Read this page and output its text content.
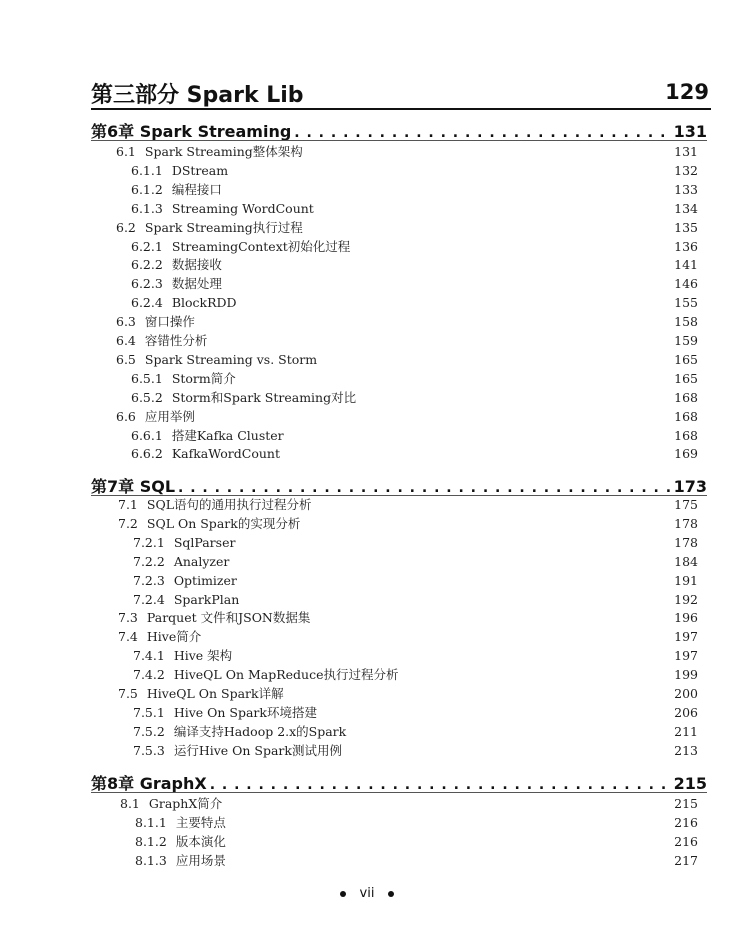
第三部分 Spark Lib	129
第6章 Spark Streaming . . .	131
6.1 Spark Streaming整体架构	131
6.1.1 DStream	132
6.1.2 编程接口	133
6.1.3 Streaming WordCount	134
6.2 Spark Streaming执行过程	135
6.2.1 StreamingContext初始化过程	136
6.2.2 数据接收	141
6.2.3 数据处理	146
6.2.4 BlockRDD	155
6.3 窗口操作	158
6.4 容错性分析	159
6.5 Spark Streaming vs. Storm	165
6.5.1 Storm简介	165
6.5.2 Storm和Spark Streaming对比	168
6.6 应用举例	168
6.6.1 搭建Kafka Cluster	168
6.6.2 KafkaWordCount	169
第7章 SQL . . .	173
7.1 SQL语句的通用执行过程分析	175
7.2 SQL On Spark的实现分析	178
7.2.1 SqlParser	178
7.2.2 Analyzer	184
7.2.3 Optimizer	191
7.2.4 SparkPlan	192
7.3 Parquet 文件和JSON数据集	196
7.4 Hive简介	197
7.4.1 Hive 架构	197
7.4.2 HiveQL On MapReduce执行过程分析	199
7.5 HiveQL On Spark详解	200
7.5.1 Hive On Spark环境搭建	206
7.5.2 编译支持Hadoop 2.x的Spark	211
7.5.3 运行Hive On Spark测试用例	213
第8章 GraphX . . .	215
8.1 GraphX简介	215
8.1.1 主要特点	216
8.1.2 版本演化	216
8.1.3 应用场景	217
vii
